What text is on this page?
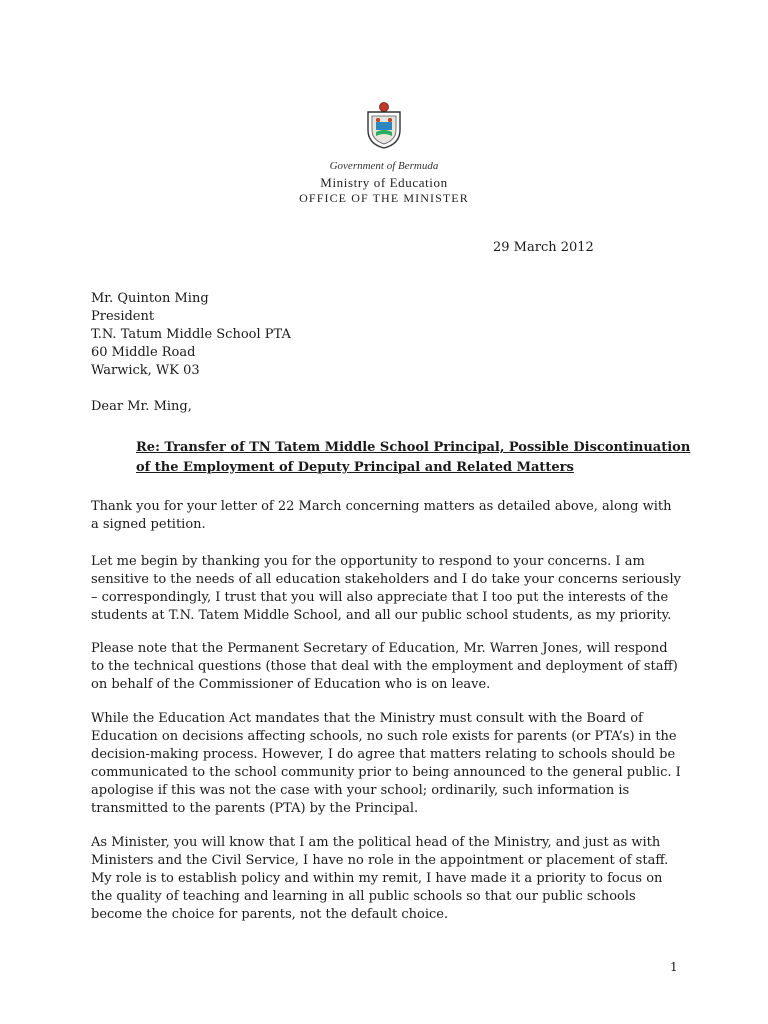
Government of Bermuda
Ministry of Education
OFFICE OF THE MINISTER
29 March 2012
Mr. Quinton Ming
President
T.N. Tatum Middle School PTA
60 Middle Road
Warwick, WK 03
Dear Mr. Ming,
Re: Transfer of TN Tatem Middle School Principal, Possible Discontinuation
of the Employment of Deputy Principal and Related Matters
Thank you for your letter of 22 March concerning matters as detailed above, along with a signed petition.
Let me begin by thanking you for the opportunity to respond to your concerns. I am sensitive to the needs of all education stakeholders and I do take your concerns seriously – correspondingly, I trust that you will also appreciate that I too put the interests of the students at T.N. Tatem Middle School, and all our public school students, as my priority.
Please note that the Permanent Secretary of Education, Mr. Warren Jones, will respond to the technical questions (those that deal with the employment and deployment of staff) on behalf of the Commissioner of Education who is on leave.
While the Education Act mandates that the Ministry must consult with the Board of Education on decisions affecting schools, no such role exists for parents (or PTA’s) in the decision-making process. However, I do agree that matters relating to schools should be communicated to the school community prior to being announced to the general public. I apologise if this was not the case with your school; ordinarily, such information is transmitted to the parents (PTA) by the Principal.
As Minister, you will know that I am the political head of the Ministry, and just as with Ministers and the Civil Service, I have no role in the appointment or placement of staff. My role is to establish policy and within my remit, I have made it a priority to focus on the quality of teaching and learning in all public schools so that our public schools become the choice for parents, not the default choice.
1
